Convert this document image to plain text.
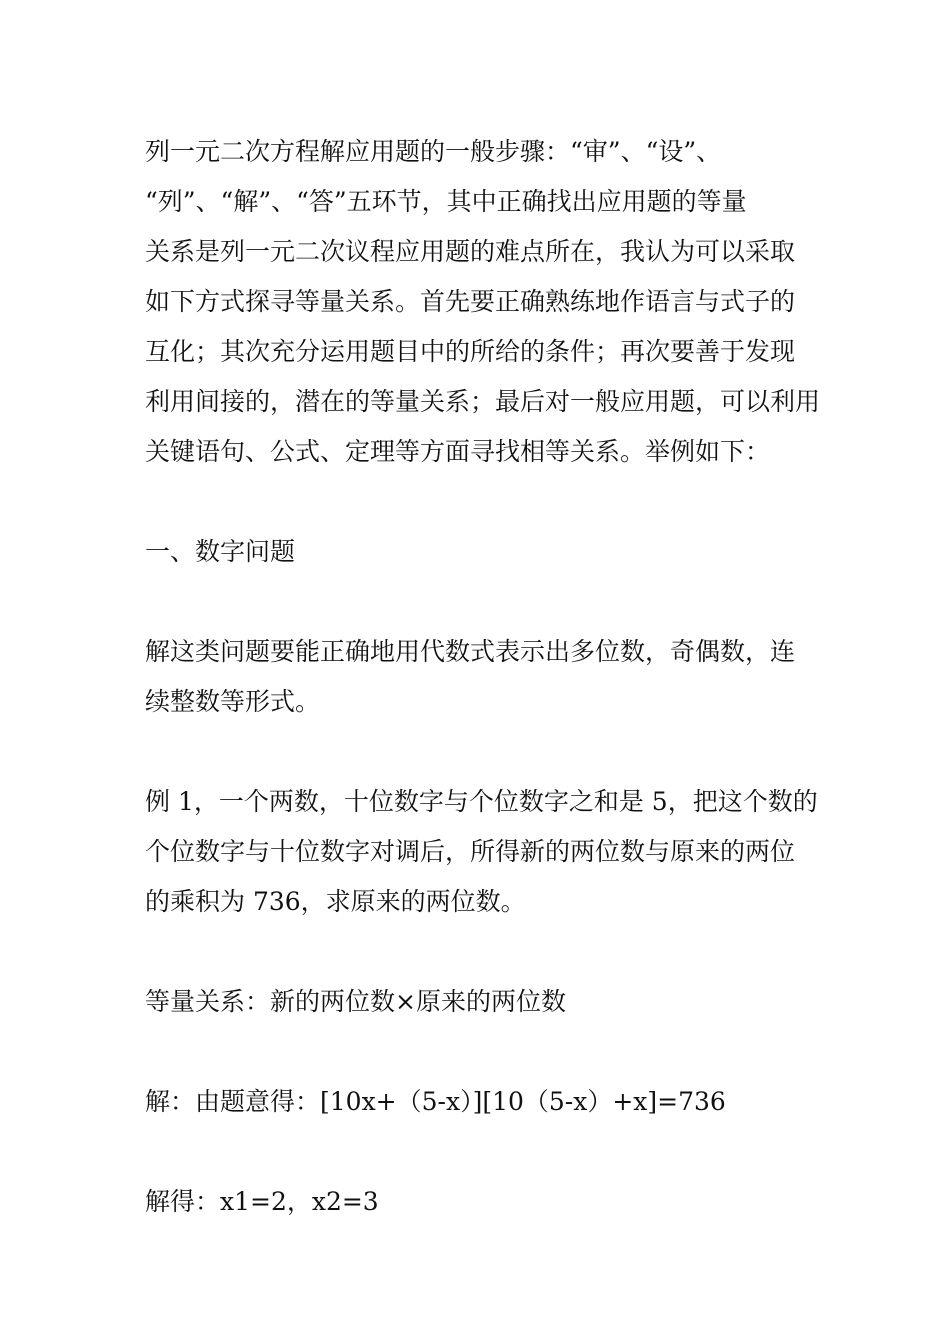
列一元二次方程解应用题的一般步骤：“审”、“设”、
“列”、“解”、“答”五环节，其中正确找出应用题的等量
关系是列一元二次议程应用题的难点所在，我认为可以采取
如下方式探寻等量关系。首先要正确熟练地作语言与式子的
互化；其次充分运用题目中的所给的条件；再次要善于发现
利用间接的，潜在的等量关系；最后对一般应用题，可以利用
关键语句、公式、定理等方面寻找相等关系。举例如下：
一、数字问题
解这类问题要能正确地用代数式表示出多位数，奇偶数，连
续整数等形式。
例 1，一个两数，十位数字与个位数字之和是 5，把这个数的
个位数字与十位数字对调后，所得新的两位数与原来的两位
的乘积为 736，求原来的两位数。
等量关系：新的两位数×原来的两位数
解：由题意得：[10x+（5-x）][10（5-x）+x]=736
解得：x1=2，x2=3
